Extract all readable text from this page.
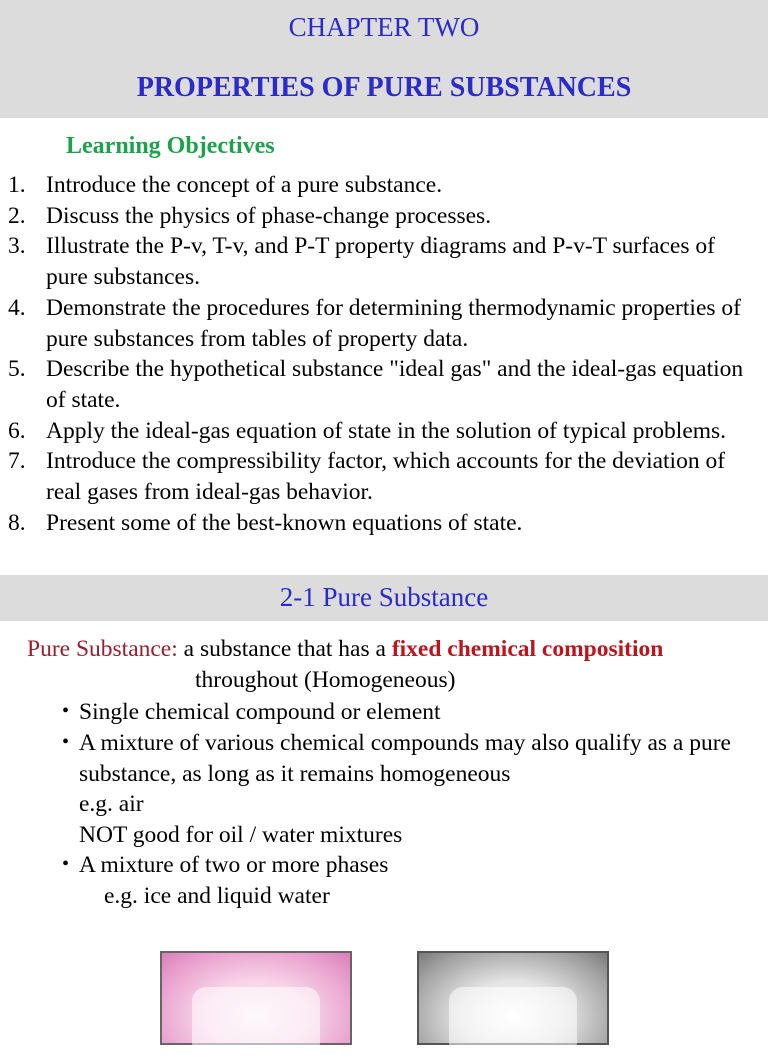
CHAPTER TWO
PROPERTIES OF PURE SUBSTANCES
Learning Objectives
1. Introduce the concept of a pure substance.
2. Discuss the physics of phase-change processes.
3. Illustrate the P-v, T-v, and P-T property diagrams and P-v-T surfaces of pure substances.
4. Demonstrate the procedures for determining thermodynamic properties of pure substances from tables of property data.
5. Describe the hypothetical substance "ideal gas" and the ideal-gas equation of state.
6. Apply the ideal-gas equation of state in the solution of typical problems.
7. Introduce the compressibility factor, which accounts for the deviation of real gases from ideal-gas behavior.
8. Present some of the best-known equations of state.
2-1 Pure Substance
Pure Substance: a substance that has a fixed chemical composition
throughout (Homogeneous)
• Single chemical compound or element
• A mixture of various chemical compounds may also qualify as a pure substance, as long as it remains homogeneous
e.g. air
NOT good for oil / water mixtures
• A mixture of two or more phases
e.g. ice and liquid water
